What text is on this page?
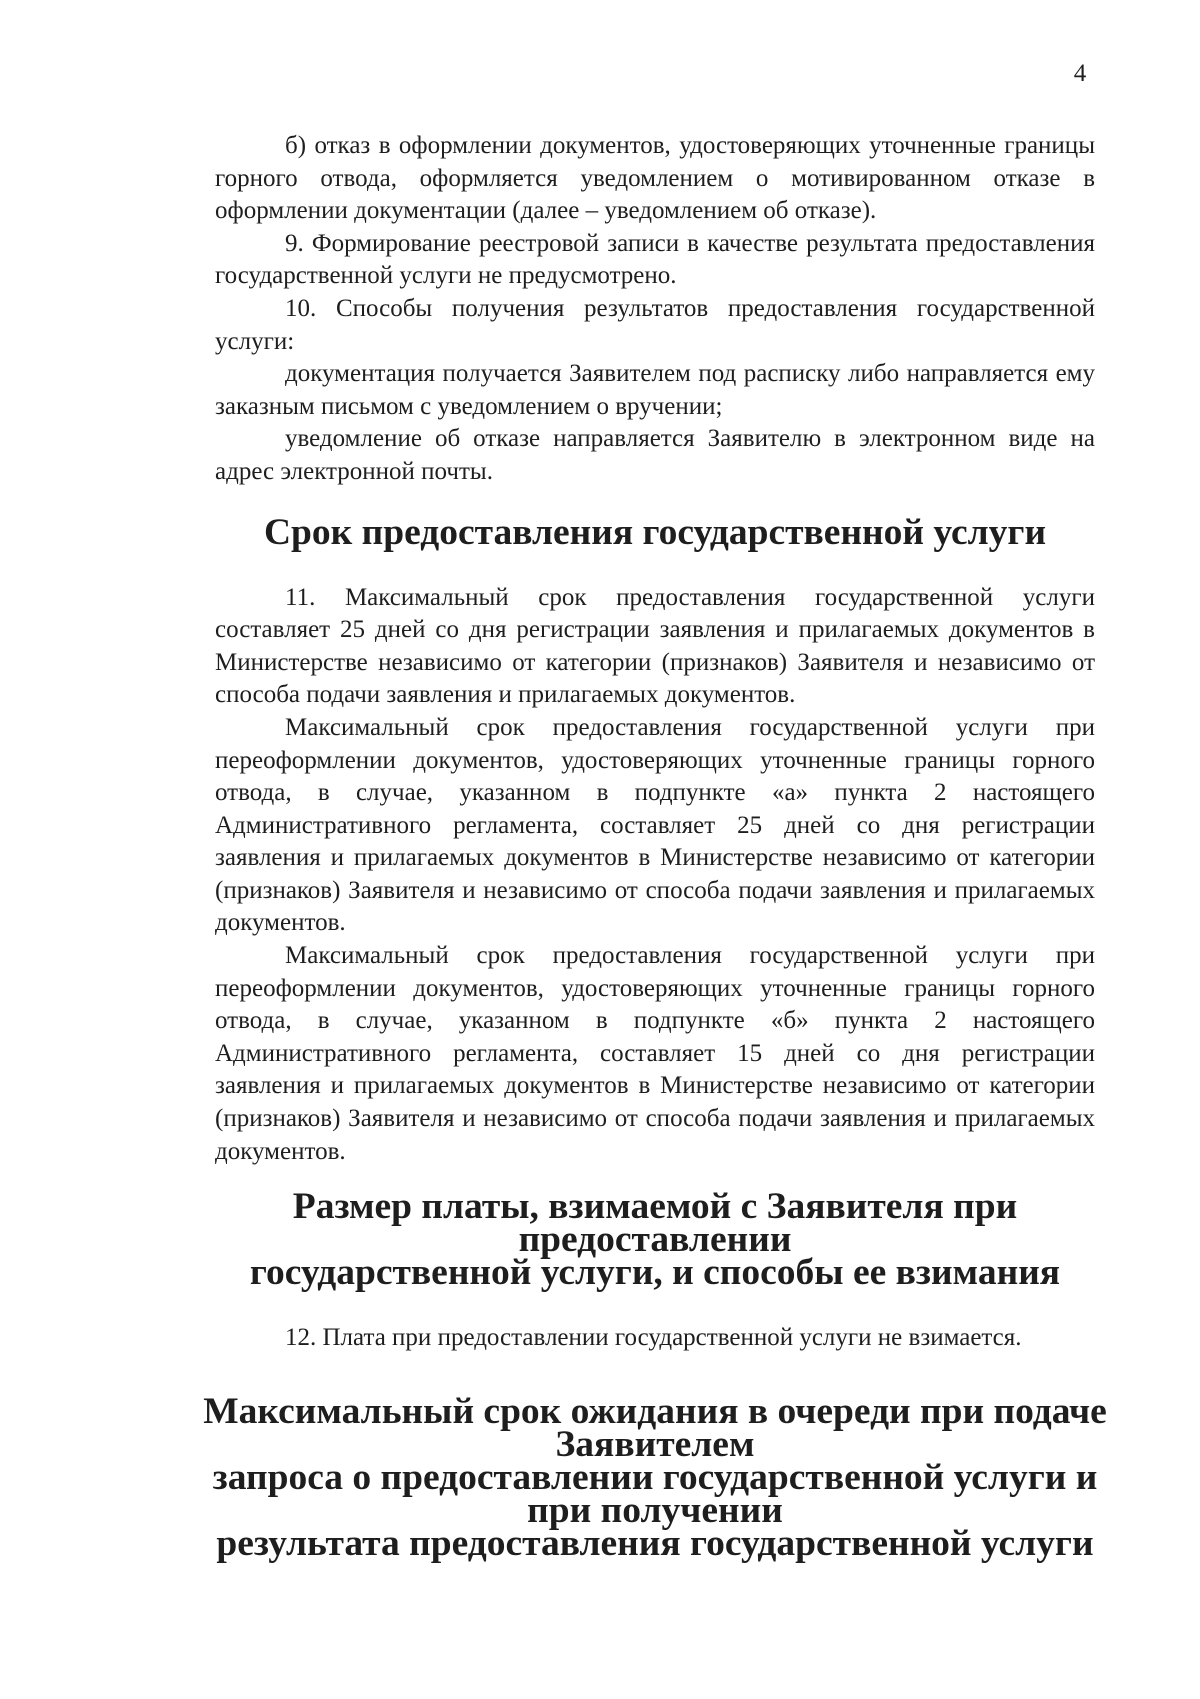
4

б) отказ в оформлении документов, удостоверяющих уточненные границы горного отвода, оформляется уведомлением о мотивированном отказе в оформлении документации (далее – уведомлением об отказе).

9. Формирование реестровой записи в качестве результата предоставления государственной услуги не предусмотрено.

10. Способы получения результатов предоставления государственной услуги:

документация получается Заявителем под расписку либо направляется ему заказным письмом с уведомлением о вручении;

уведомление об отказе направляется Заявителю в электронном виде на адрес электронной почты.

Срок предоставления государственной услуги

11. Максимальный срок предоставления государственной услуги составляет 25 дней со дня регистрации заявления и прилагаемых документов в Министерстве независимо от категории (признаков) Заявителя и независимо от способа подачи заявления и прилагаемых документов.

Максимальный срок предоставления государственной услуги при переоформлении документов, удостоверяющих уточненные границы горного отвода, в случае, указанном в подпункте «а» пункта 2 настоящего Административного регламента, составляет 25 дней со дня регистрации заявления и прилагаемых документов в Министерстве независимо от категории (признаков) Заявителя и независимо от способа подачи заявления и прилагаемых документов.

Максимальный срок предоставления государственной услуги при переоформлении документов, удостоверяющих уточненные границы горного отвода, в случае, указанном в подпункте «б» пункта 2 настоящего Административного регламента, составляет 15 дней со дня регистрации заявления и прилагаемых документов в Министерстве независимо от категории (признаков) Заявителя и независимо от способа подачи заявления и прилагаемых документов.

Размер платы, взимаемой с Заявителя при предоставлении
государственной услуги, и способы ее взимания

12. Плата при предоставлении государственной услуги не взимается.

Максимальный срок ожидания в очереди при подаче Заявителем
запроса о предоставлении государственной услуги и при получении
результата предоставления государственной услуги
